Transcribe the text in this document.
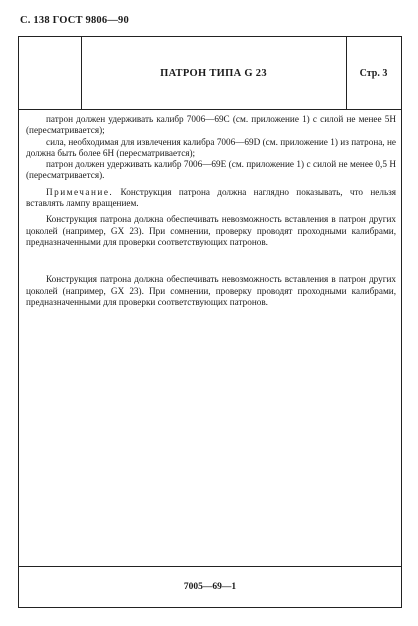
С. 138 ГОСТ 9806—90
ПАТРОН ТИПА G 23	Стр. 3

патрон должен удерживать калибр 7006—69С (см. приложение 1) с силой не менее 5Н (пересматривается);

сила, необходимая для извлечения калибра 7006—69D (см. приложение 1) из патрона, не должна быть более 6Н (пересматривается);

патрон должен удерживать калибр 7006—69Е (см. приложение 1) с силой не менее 0,5 Н (пересматривается).

Примечание. Конструкция патрона должна наглядно показывать, что нельзя вставлять лампу вращением.

Конструкция патрона должна обеспечивать невозможность вставления в патрон других цоколей (например, GX 23). При сомнении, проверку проводят проходными калибрами, предназначенными для проверки соответствующих патронов.

Конструкция патрона должна обеспечивать невозможность вставления в патрон других цоколей (например, GX 23). При сомнении, проверку проводят проходными калибрами, предназначенными для проверки соответствующих патронов.

7005—69—1
